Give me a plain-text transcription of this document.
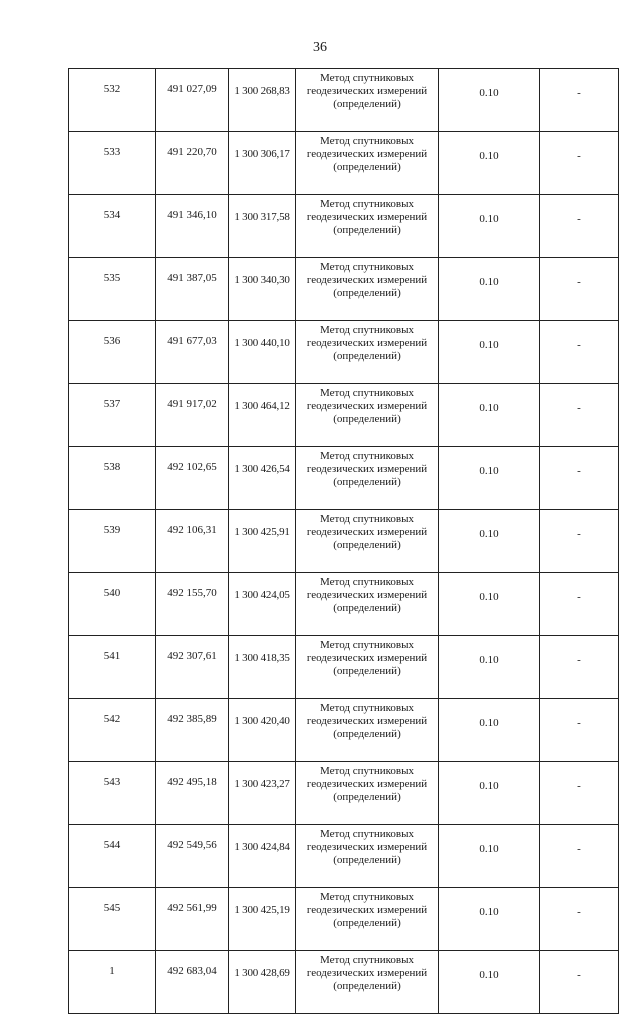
36
532	491 027,09	1 300 268,83	Метод спутниковых
геодезических измерений
(определений)	0.10	-
533	491 220,70	1 300 306,17	Метод спутниковых
геодезических измерений
(определений)	0.10	-
534	491 346,10	1 300 317,58	Метод спутниковых
геодезических измерений
(определений)	0.10	-
535	491 387,05	1 300 340,30	Метод спутниковых
геодезических измерений
(определений)	0.10	-
536	491 677,03	1 300 440,10	Метод спутниковых
геодезических измерений
(определений)	0.10	-
537	491 917,02	1 300 464,12	Метод спутниковых
геодезических измерений
(определений)	0.10	-
538	492 102,65	1 300 426,54	Метод спутниковых
геодезических измерений
(определений)	0.10	-
539	492 106,31	1 300 425,91	Метод спутниковых
геодезических измерений
(определений)	0.10	-
540	492 155,70	1 300 424,05	Метод спутниковых
геодезических измерений
(определений)	0.10	-
541	492 307,61	1 300 418,35	Метод спутниковых
геодезических измерений
(определений)	0.10	-
542	492 385,89	1 300 420,40	Метод спутниковых
геодезических измерений
(определений)	0.10	-
543	492 495,18	1 300 423,27	Метод спутниковых
геодезических измерений
(определений)	0.10	-
544	492 549,56	1 300 424,84	Метод спутниковых
геодезических измерений
(определений)	0.10	-
545	492 561,99	1 300 425,19	Метод спутниковых
геодезических измерений
(определений)	0.10	-
1	492 683,04	1 300 428,69	Метод спутниковых
геодезических измерений
(определений)	0.10	-
